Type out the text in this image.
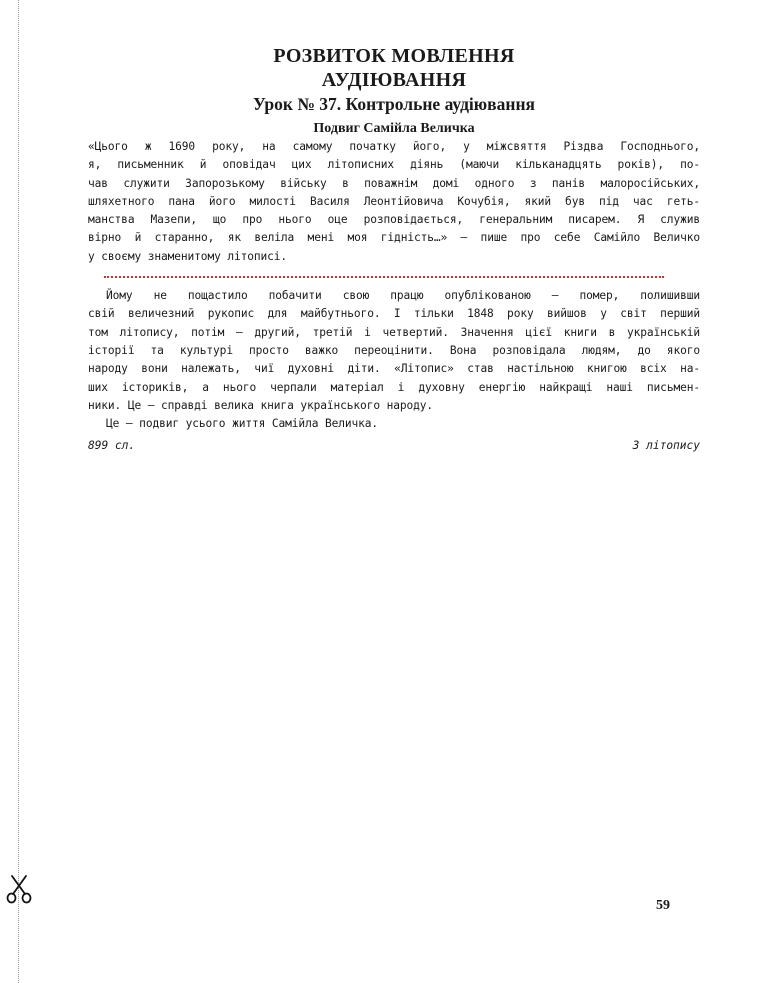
РОЗВИТОК МОВЛЕННЯ
АУДІЮВАННЯ
Урок № 37. Контрольне аудіювання
Подвиг Самійла Величка
«Цього ж 1690 року, на самому початку його, у міжсвяття Різдва Господнього,
я, письменник й оповідач цих літописних діянь (маючи кільканадцять років), по-
чав служити Запорозькому війську в поважнім домі одного з панів малоросійських,
шляхетного пана його милості Василя Леонтійовича Кочубія, який був під час геть-
манства Мазепи, що про нього оце розповідається, генеральним писарем. Я служив
вірно й старанно, як веліла мені моя гідність…» — пише про себе Самійло Величко
у своєму знаменитому літописі.
Йому не пощастило побачити свою працю опублікованою — помер, полишивши
свій величезний рукопис для майбутнього. І тільки 1848 року вийшов у світ перший
том літопису, потім — другий, третій і четвертий. Значення цієї книги в українській
історії та культурі просто важко переоцінити. Вона розповідала людям, до якого
народу вони належать, чиї духовні діти. «Літопис» став настільною книгою всіх на-
ших істориків, а нього черпали матеріал і духовну енергію найкращі наші письмен-
ники. Це — справді велика книга українського народу.
Це — подвиг усього життя Самійла Величка.
899 сл.	З літопису
59
